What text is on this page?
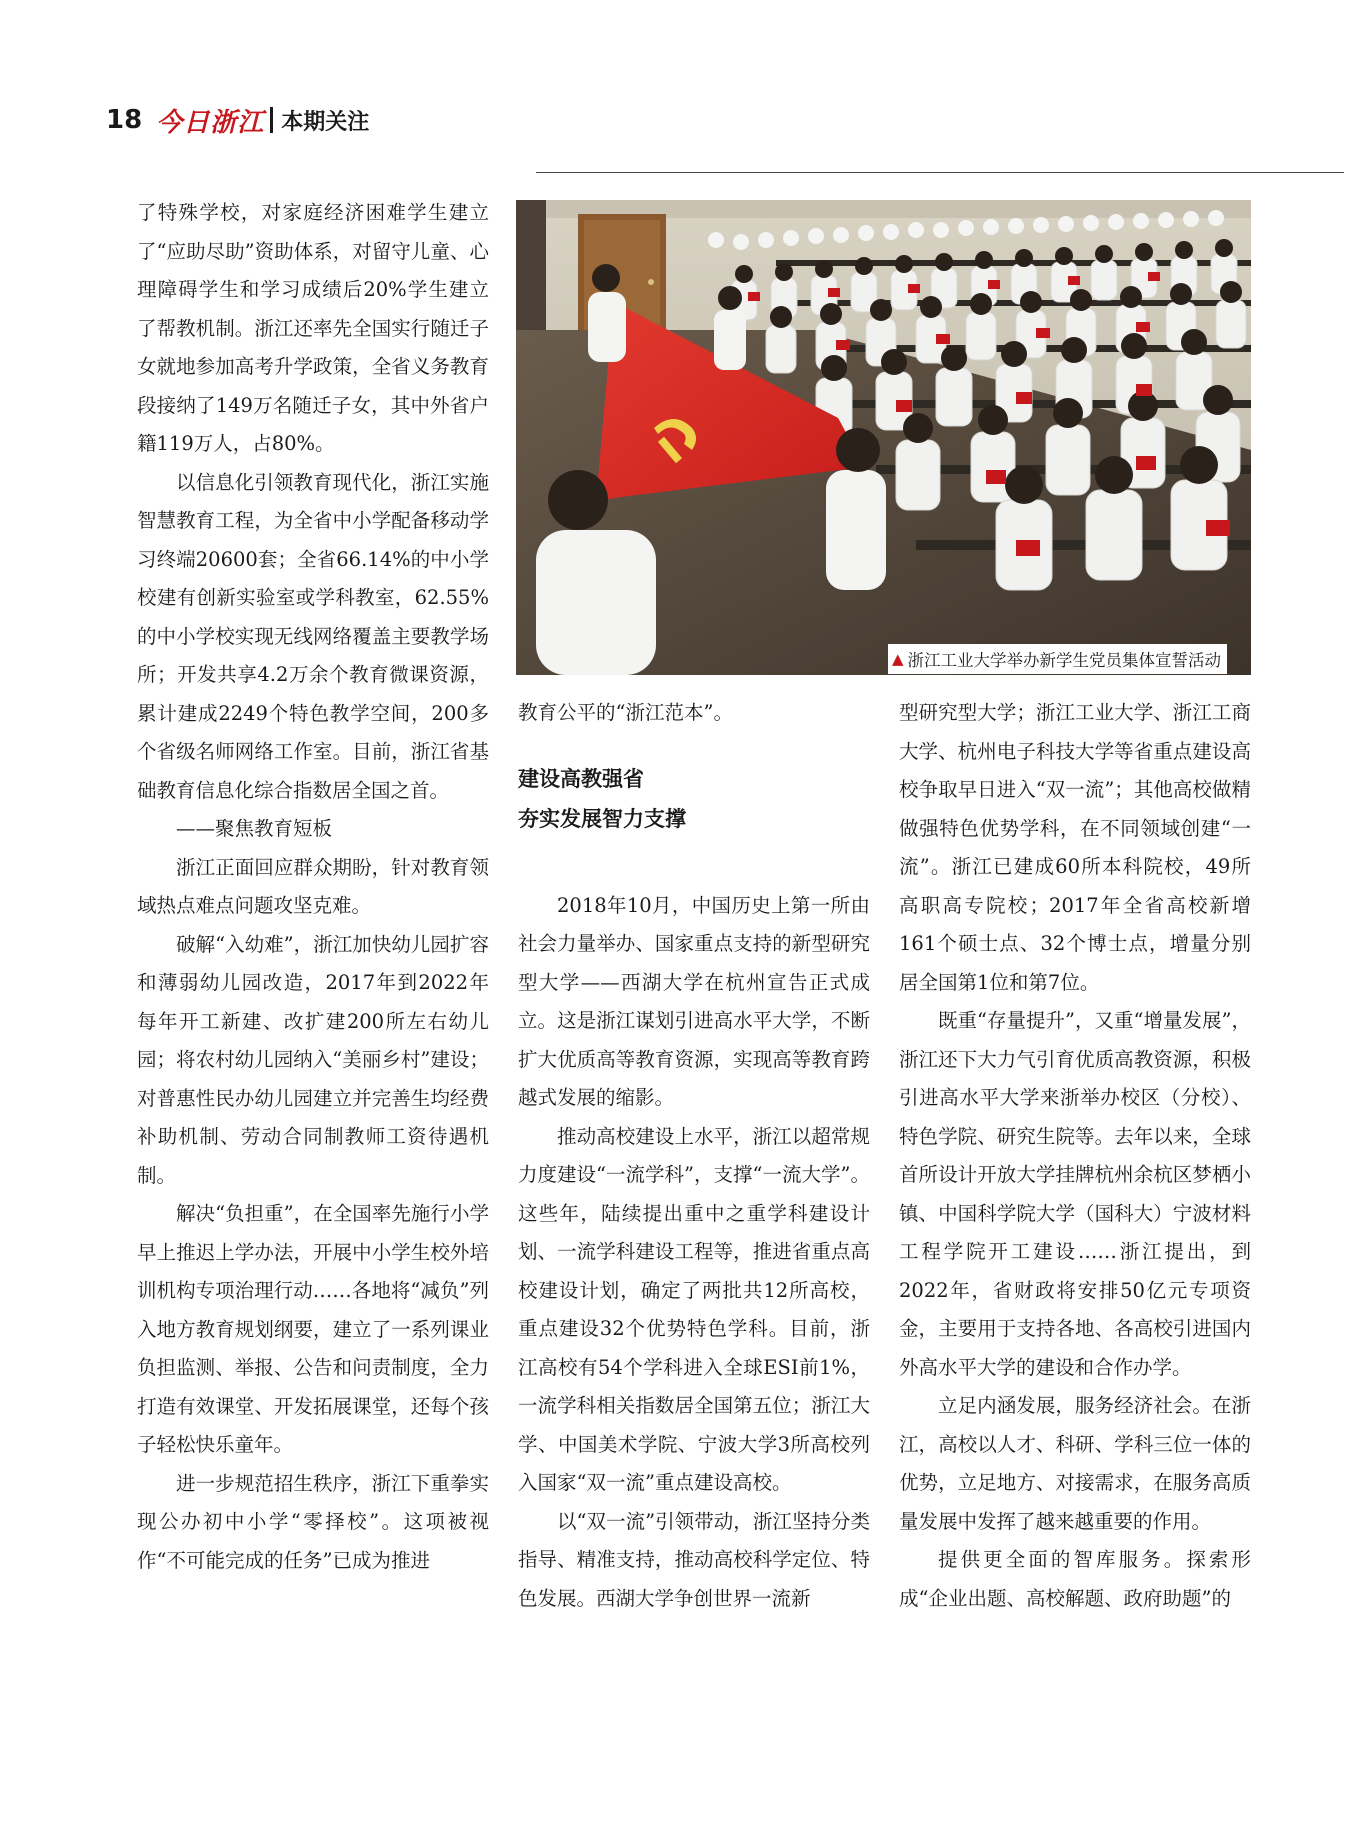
18 今日浙江 本期关注

了特殊学校，对家庭经济困难学生建立了“应助尽助”资助体系，对留守儿童、心理障碍学生和学习成绩后20%学生建立了帮教机制。浙江还率先全国实行随迁子女就地参加高考升学政策，全省义务教育段接纳了149万名随迁子女，其中外省户籍119万人，占80%。

以信息化引领教育现代化，浙江实施智慧教育工程，为全省中小学配备移动学习终端20600套；全省66.14%的中小学校建有创新实验室或学科教室，62.55%的中小学校实现无线网络覆盖主要教学场所；开发共享4.2万余个教育微课资源，累计建成2249个特色教学空间，200多个省级名师网络工作室。目前，浙江省基础教育信息化综合指数居全国之首。

——聚焦教育短板

浙江正面回应群众期盼，针对教育领域热点难点问题攻坚克难。

破解“入幼难”，浙江加快幼儿园扩容和薄弱幼儿园改造，2017年到2022年每年开工新建、改扩建200所左右幼儿园；将农村幼儿园纳入“美丽乡村”建设；对普惠性民办幼儿园建立并完善生均经费补助机制、劳动合同制教师工资待遇机制。

解决“负担重”，在全国率先施行小学早上推迟上学办法，开展中小学生校外培训机构专项治理行动……各地将“减负”列入地方教育规划纲要，建立了一系列课业负担监测、举报、公告和问责制度，全力打造有效课堂、开发拓展课堂，还每个孩子轻松快乐童年。

进一步规范招生秩序，浙江下重拳实现公办初中小学“零择校”。这项被视作“不可能完成的任务”已成为推进

▲ 浙江工业大学举办新学生党员集体宣誓活动

教育公平的“浙江范本”。

建设高教强省
夯实发展智力支撑

2018年10月，中国历史上第一所由社会力量举办、国家重点支持的新型研究型大学——西湖大学在杭州宣告正式成立。这是浙江谋划引进高水平大学，不断扩大优质高等教育资源，实现高等教育跨越式发展的缩影。

推动高校建设上水平，浙江以超常规力度建设“一流学科”，支撑“一流大学”。这些年，陆续提出重中之重学科建设计划、一流学科建设工程等，推进省重点高校建设计划，确定了两批共12所高校，重点建设32个优势特色学科。目前，浙江高校有54个学科进入全球ESI前1%，一流学科相关指数居全国第五位；浙江大学、中国美术学院、宁波大学3所高校列入国家“双一流”重点建设高校。

以“双一流”引领带动，浙江坚持分类指导、精准支持，推动高校科学定位、特色发展。西湖大学争创世界一流新

型研究型大学；浙江工业大学、浙江工商大学、杭州电子科技大学等省重点建设高校争取早日进入“双一流”；其他高校做精做强特色优势学科，在不同领域创建“一流”。浙江已建成60所本科院校，49所高职高专院校；2017年全省高校新增161个硕士点、32个博士点，增量分别居全国第1位和第7位。

既重“存量提升”，又重“增量发展”，浙江还下大力气引育优质高教资源，积极引进高水平大学来浙举办校区（分校）、特色学院、研究生院等。去年以来，全球首所设计开放大学挂牌杭州余杭区梦栖小镇、中国科学院大学（国科大）宁波材料工程学院开工建设……浙江提出，到2022年，省财政将安排50亿元专项资金，主要用于支持各地、各高校引进国内外高水平大学的建设和合作办学。

立足内涵发展，服务经济社会。在浙江，高校以人才、科研、学科三位一体的优势，立足地方、对接需求，在服务高质量发展中发挥了越来越重要的作用。

提供更全面的智库服务。探索形成“企业出题、高校解题、政府助题”的
